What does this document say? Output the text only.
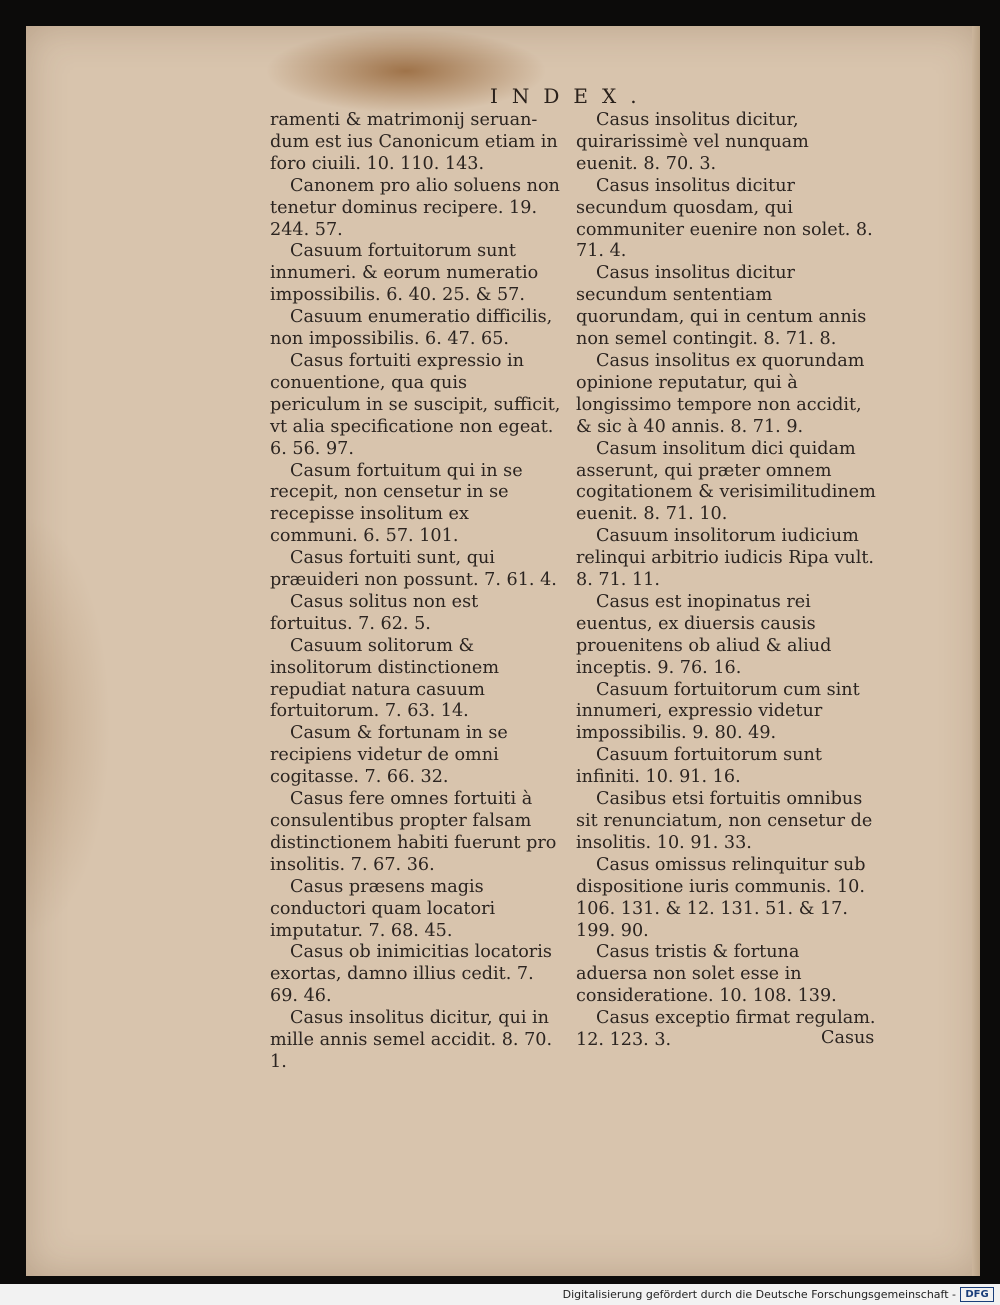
INDEX.

ramenti & matrimonij seruan-dum est ius Canonicum etiam in foro ciuili. 10. 110. 143.

Canonem pro alio soluens non tenetur dominus recipere. 19. 244. 57.

Casuum fortuitorum sunt innumeri. & eorum numeratio impossibilis. 6. 40. 25. & 57.

Casuum enumeratio difficilis, non impossibilis. 6. 47. 65.

Casus fortuiti expressio in conuentione, qua quis periculum in se suscipit, sufficit, vt alia specificatione non egeat. 6. 56. 97.

Casum fortuitum qui in se recepit, non censetur in se recepisse insolitum ex communi. 6. 57. 101.

Casus fortuiti sunt, qui præuideri non possunt. 7. 61. 4.

Casus solitus non est fortuitus. 7. 62. 5.

Casuum solitorum & insolitorum distinctionem repudiat natura casuum fortuitorum. 7. 63. 14.

Casum & fortunam in se recipiens videtur de omni cogitasse. 7. 66. 32.

Casus fere omnes fortuiti à consulentibus propter falsam distinctionem habiti fuerunt pro insolitis. 7. 67. 36.

Casus præsens magis conductori quam locatori imputatur. 7. 68. 45.

Casus ob inimicitias locatoris exortas, damno illius cedit. 7. 69. 46.

Casus insolitus dicitur, qui in mille annis semel accidit. 8. 70. 1.

Casus insolitus dicitur, quirarissimè vel nunquam euenit. 8. 70. 3.

Casus insolitus dicitur secundum quosdam, qui communiter euenire non solet. 8. 71. 4.

Casus insolitus dicitur secundum sententiam quorundam, qui in centum annis non semel contingit. 8. 71. 8.

Casus insolitus ex quorundam opinione reputatur, qui à longissimo tempore non accidit, & sic à 40 annis. 8. 71. 9.

Casum insolitum dici quidam asserunt, qui præter omnem cogitationem & verisimilitudinem euenit. 8. 71. 10.

Casuum insolitorum iudicium relinqui arbitrio iudicis Ripa vult. 8. 71. 11.

Casus est inopinatus rei euentus, ex diuersis causis prouenitens ob aliud & aliud inceptis. 9. 76. 16.

Casuum fortuitorum cum sint innumeri, expressio videtur impossibilis. 9. 80. 49.

Casuum fortuitorum sunt infiniti. 10. 91. 16.

Casibus etsi fortuitis omnibus sit renunciatum, non censetur de insolitis. 10. 91. 33.

Casus omissus relinquitur sub dispositione iuris communis. 10. 106. 131. & 12. 131. 51. & 17. 199. 90.

Casus tristis & fortuna aduersa non solet esse in consideratione. 10. 108. 139.

Casus exceptio firmat regulam. 12. 123. 3.	Casus
Digitalisierung gefördert durch die Deutsche Forschungsgemeinschaft - DFG
